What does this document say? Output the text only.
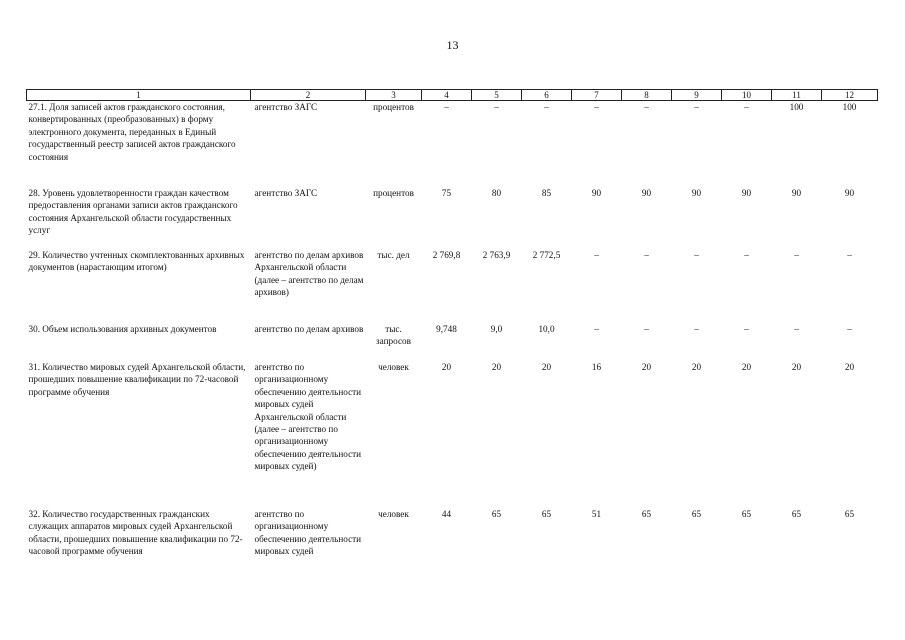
13
1	2	3	4	5	6	7	8	9	10	11	12
27.1. Доля записей актов гражданского состояния, конвертированных (преобразованных) в форму электронного документа, переданных в Единый государственный реестр записей актов гражданского состояния	агентство ЗАГС	процентов	–	–	–	–	–	–	–	100	100
28. Уровень удовлетворенности граждан качеством предоставления органами записи актов гражданского состояния Архангельской области государственных услуг	агентство ЗАГС	процентов	75	80	85	90	90	90	90	90	90
29. Количество учтенных скомплектованных архивных документов (нарастающим итогом)	агентство по делам архивов Архангельской области (далее – агентство по делам архивов)	тыс. дел	2 769,8	2 763,9	2 772,5	–	–	–	–	–	–
30. Объем использования архивных документов	агентство по делам архивов	тыс. запросов	9,748	9,0	10,0	–	–	–	–	–	–
31. Количество мировых судей Архангельской области, прошедших повышение квалификации по 72-часовой программе обучения	агентство по организационному обеспечению деятельности мировых судей Архангельской области (далее – агентство по организационному обеспечению деятельности мировых судей)	человек	20	20	20	16	20	20	20	20	20
32. Количество государственных гражданских служащих аппаратов мировых судей Архангельской области, прошедших повышение квалификации по 72-часовой программе обучения	агентство по организационному обеспечению деятельности мировых судей	человек	44	65	65	51	65	65	65	65	65
